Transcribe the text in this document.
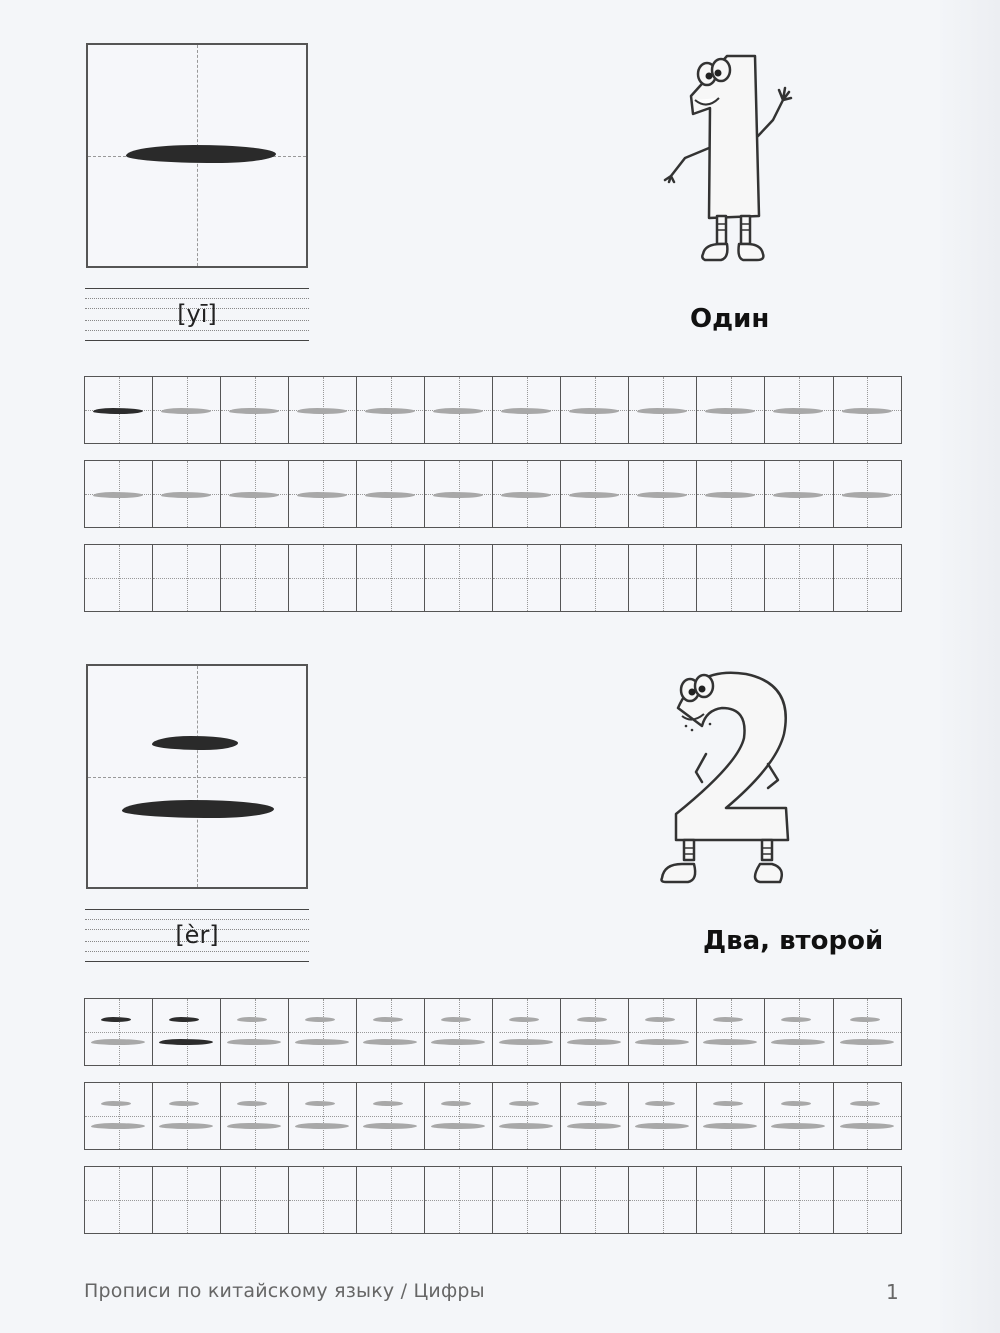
[yī]	Один
[èr]	Два, второй
Прописи по китайскому языку / Цифры	1
